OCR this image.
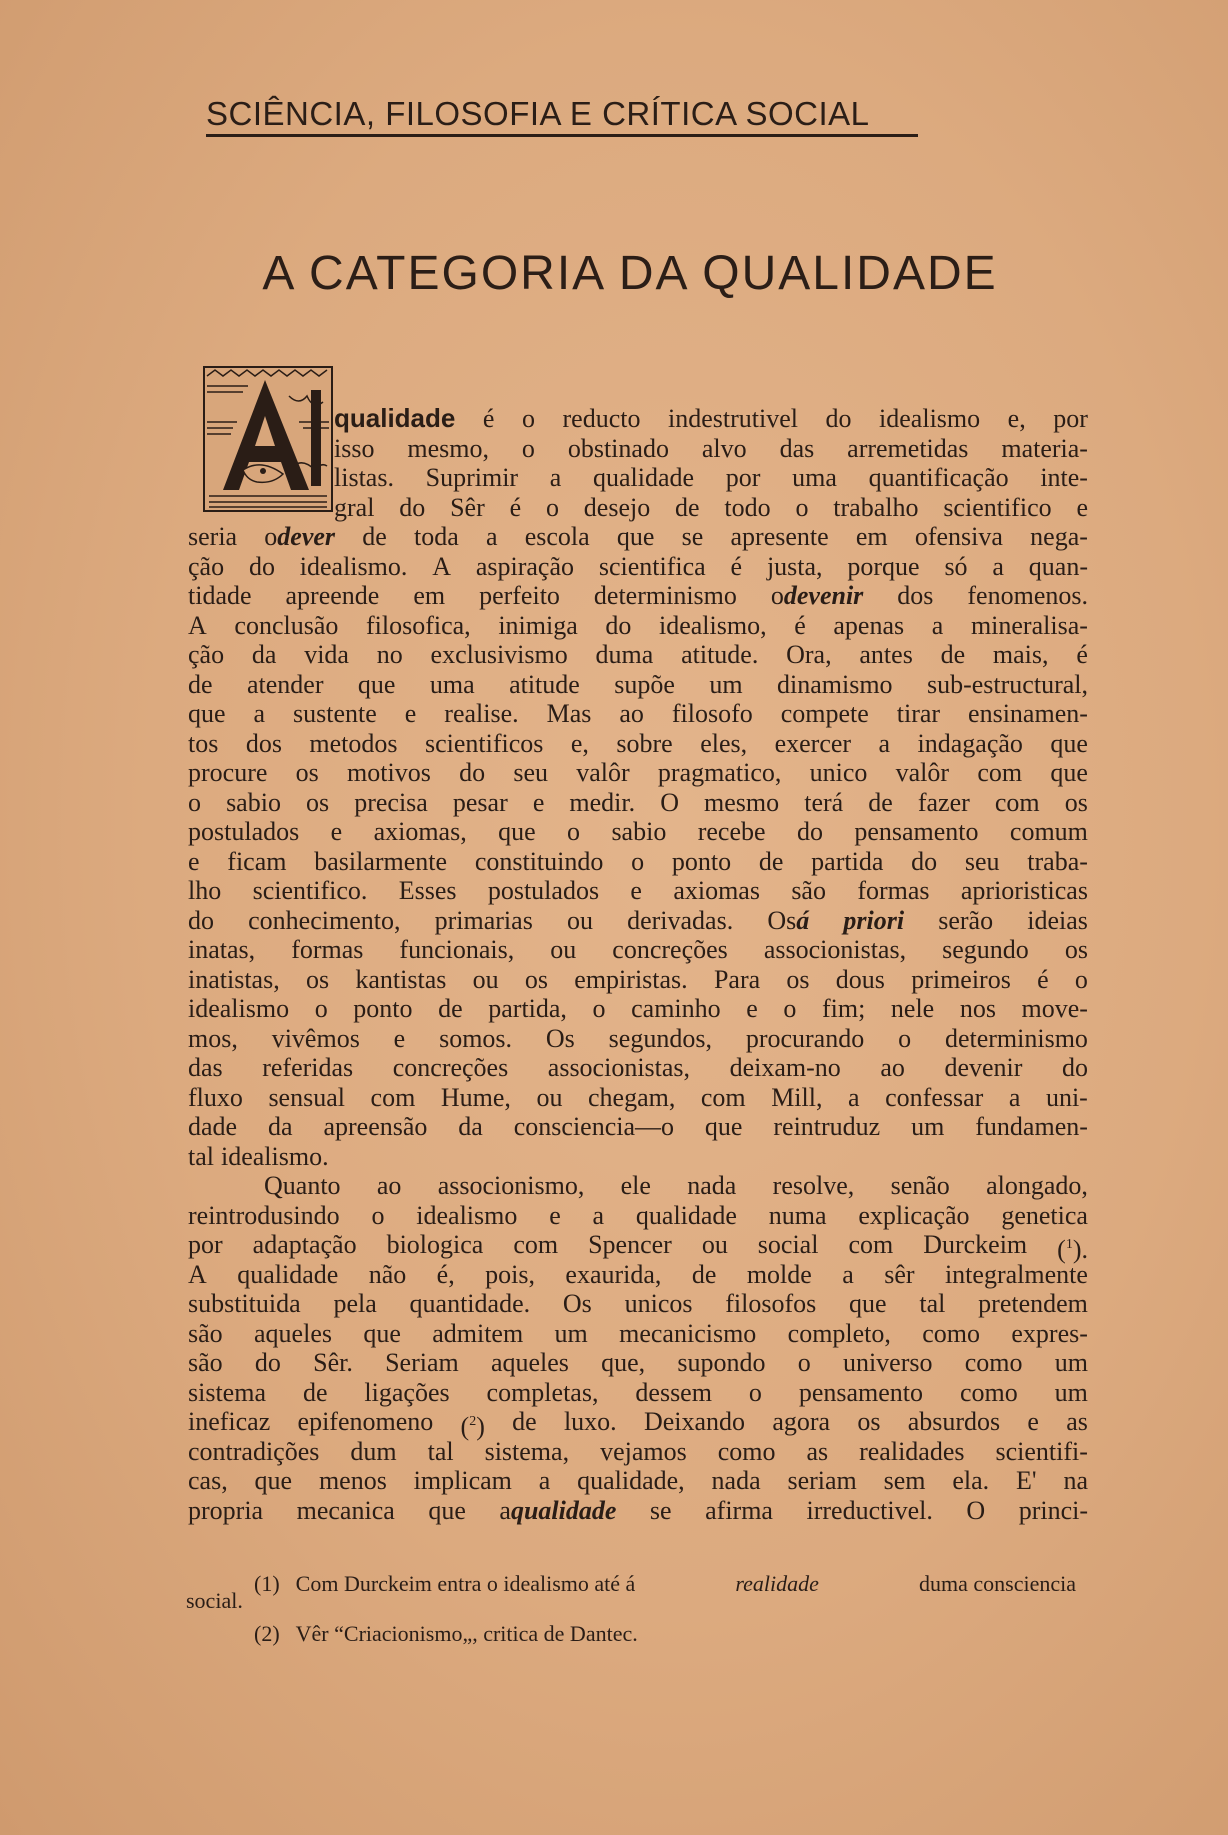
SCIÊNCIA, FILOSOFIA E CRÍTICA SOCIAL
A CATEGORIA DA QUALIDADE
qualidade é o reducto indestrutivel do idealismo e, por
isso mesmo, o obstinado alvo das arremetidas materia-
listas. Suprimir a qualidade por uma quantificação inte-
gral do Sêr é o desejo de todo o trabalho scientifico e
seria odever de toda a escola que se apresente em ofensiva nega-
ção do idealismo. A aspiração scientifica é justa, porque só a quan-
tidade apreende em perfeito determinismo odevenir dos fenomenos.
A conclusão filosofica, inimiga do idealismo, é apenas a mineralisa-
ção da vida no exclusivismo duma atitude. Ora, antes de mais, é
de atender que uma atitude supõe um dinamismo sub-estructural,
que a sustente e realise. Mas ao filosofo compete tirar ensinamen-
tos dos metodos scientificos e, sobre eles, exercer a indagação que
procure os motivos do seu valôr pragmatico, unico valôr com que
o sabio os precisa pesar e medir. O mesmo terá de fazer com os
postulados e axiomas, que o sabio recebe do pensamento comum
e ficam basilarmente constituindo o ponto de partida do seu traba-
lho scientifico. Esses postulados e axiomas são formas aprioristicas
do conhecimento, primarias ou derivadas. Osá priori serão ideias
inatas, formas funcionais, ou concreções associonistas, segundo os
inatistas, os kantistas ou os empiristas. Para os dous primeiros é o
idealismo o ponto de partida, o caminho e o fim; nele nos move-
mos, vivêmos e somos. Os segundos, procurando o determinismo
das referidas concreções associonistas, deixam-no ao devenir do
fluxo sensual com Hume, ou chegam, com Mill, a confessar a uni-
dade da apreensão da consciencia—o que reintruduz um fundamen-
tal idealismo.
Quanto ao associonismo, ele nada resolve, senão alongado,
reintrodusindo o idealismo e a qualidade numa explicação genetica
por adaptação biologica com Spencer ou social com Durckeim (1).
A qualidade não é, pois, exaurida, de molde a sêr integralmente
substituida pela quantidade. Os unicos filosofos que tal pretendem
são aqueles que admitem um mecanicismo completo, como expres-
são do Sêr. Seriam aqueles que, supondo o universo como um
sistema de ligações completas, dessem o pensamento como um
ineficaz epifenomeno (2) de luxo. Deixando agora os absurdos e as
contradições dum tal sistema, vejamos como as realidades scientifi-
cas, que menos implicam a qualidade, nada seriam sem ela. E' na
propria mecanica que aqualidade se afirma irreductivel. O princi-
(1) Com Durckeim entra o idealismo até á	realidade	duma consciencia
social.
(2) Vêr “Criacionismo„, critica de Dantec.
